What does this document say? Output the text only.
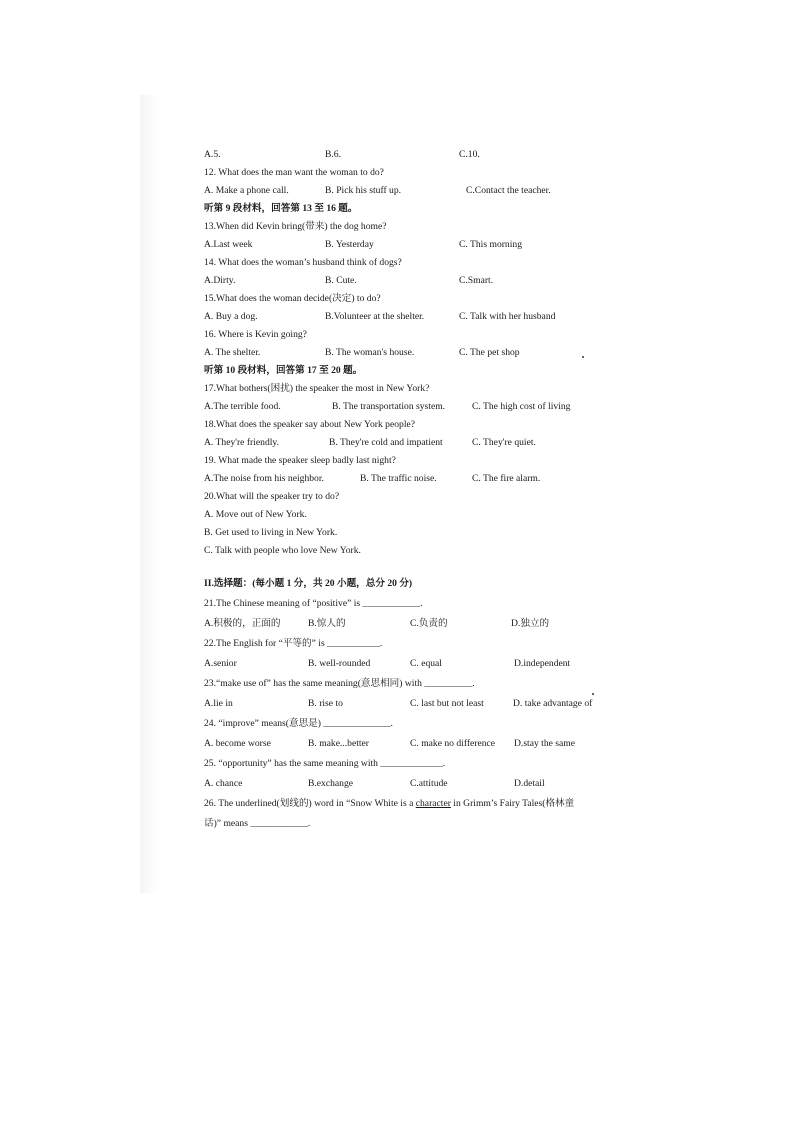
A.5.	B.6.	C.10.
12. What does the man want the woman to do?
A. Make a phone call.	B. Pick his stuff up.	C.Contact the teacher.
听第 9 段材料，回答第 13 至 16 题。
13.When did Kevin bring(带来) the dog home?
A.Last week	B. Yesterday	C. This morning
14. What does the woman’s husband think of dogs?
A.Dirty.	B. Cute.	C.Smart.
15.What does the woman decide(决定) to do?
A. Buy a dog.	B.Volunteer at the shelter.	C. Talk with her husband
16. Where is Kevin going?
A. The shelter.	B. The woman's house.	C. The pet shop
听第 10 段材料，回答第 17 至 20 题。
17.What bothers(困扰) the speaker the most in New York?
A.The terrible food.	B. The transportation system.	C. The high cost of living
18.What does the speaker say about New York people?
A. They're friendly.	B. They're cold and impatient	C. They're quiet.
19. What made the speaker sleep badly last night?
A.The noise from his neighbor.	B. The traffic noise.	C. The fire alarm.
20.What will the speaker try to do?
A. Move out of New York.
B. Get used to living in New York.
C. Talk with people who love New York.
II.选择题：(每小题 1 分，共 20 小题，总分 20 分)
21.The Chinese meaning of “positive” is ____________.
A.积极的，正面的	B.惊人的	C.负责的	D.独立的
22.The English for “平等的” is ___________.
A.senior	B. well-rounded	C. equal	D.independent
23.“make use of” has the same meaning(意思相同) with __________.
A.lie in	B. rise to	C. last but not least	D. take advantage of
24. “improve” means(意思是) ______________.
A. become worse	B. make...better	C. make no difference D.stay the same
25. “opportunity” has the same meaning with _____________.
A. chance	B.exchange	C.attitude	D.detail
26. The underlined(划线的) word in “Snow White is a character in Grimm’s Fairy Tales(格林童
话)” means ____________.
